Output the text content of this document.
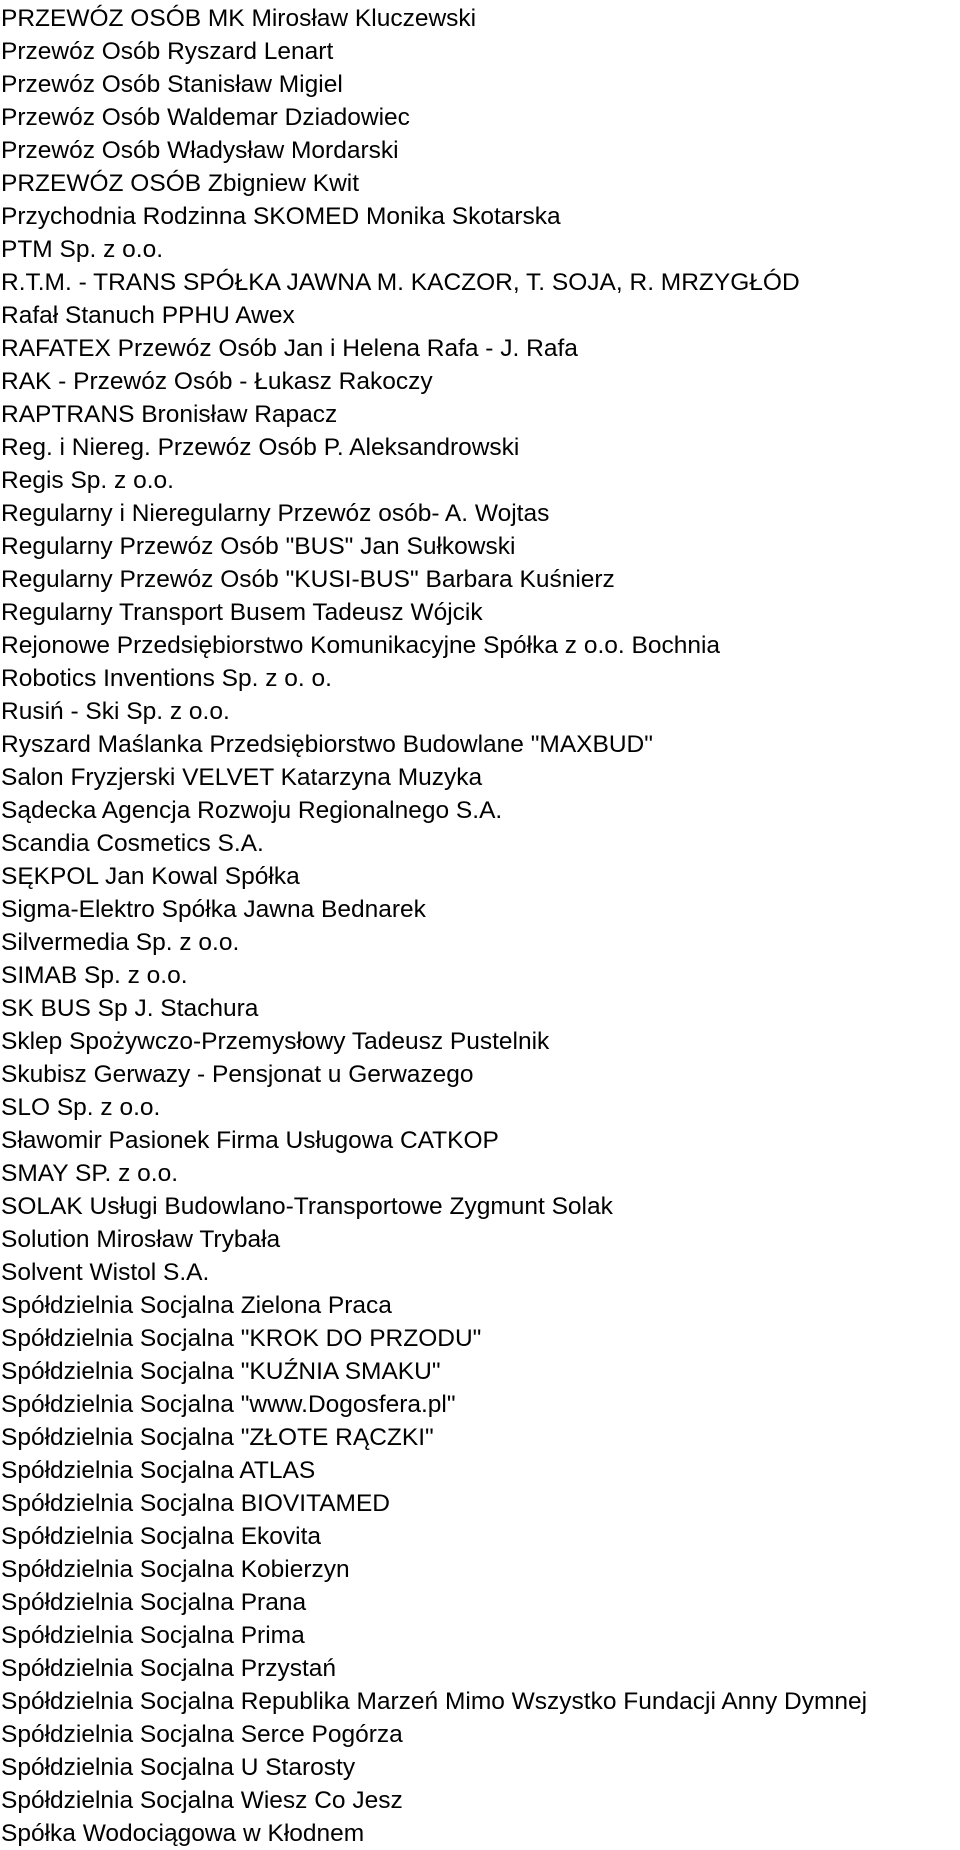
PRZEWÓZ OSÓB MK Mirosław Kluczewski
Przewóz Osób Ryszard Lenart
Przewóz Osób Stanisław Migiel
Przewóz Osób Waldemar Dziadowiec
Przewóz Osób Władysław Mordarski
PRZEWÓZ OSÓB Zbigniew Kwit
Przychodnia Rodzinna SKOMED Monika Skotarska
PTM Sp. z o.o.
R.T.M. - TRANS SPÓŁKA JAWNA M. KACZOR, T. SOJA, R. MRZYGŁÓD
Rafał Stanuch PPHU Awex
RAFATEX Przewóz Osób Jan i Helena Rafa - J. Rafa
RAK - Przewóz Osób - Łukasz Rakoczy
RAPTRANS Bronisław Rapacz
Reg. i Niereg. Przewóz Osób P. Aleksandrowski
Regis Sp. z o.o.
Regularny i Nieregularny Przewóz osób- A. Wojtas
Regularny Przewóz Osób "BUS" Jan Sułkowski
Regularny Przewóz Osób "KUSI-BUS" Barbara Kuśnierz
Regularny Transport Busem Tadeusz Wójcik
Rejonowe Przedsiębiorstwo Komunikacyjne Spółka z o.o. Bochnia
Robotics Inventions Sp. z o. o.
Rusiń - Ski Sp. z o.o.
Ryszard Maślanka Przedsiębiorstwo Budowlane "MAXBUD"
Salon Fryzjerski VELVET Katarzyna Muzyka
Sądecka Agencja Rozwoju Regionalnego S.A.
Scandia Cosmetics S.A.
SĘKPOL Jan Kowal Spółka
Sigma-Elektro Spółka Jawna Bednarek
Silvermedia Sp. z o.o.
SIMAB Sp. z o.o.
SK BUS Sp J. Stachura
Sklep Spożywczo-Przemysłowy Tadeusz Pustelnik
Skubisz Gerwazy - Pensjonat u Gerwazego
SLO Sp. z o.o.
Sławomir Pasionek Firma Usługowa CATKOP
SMAY SP. z o.o.
SOLAK Usługi Budowlano-Transportowe Zygmunt Solak
Solution Mirosław Trybała
Solvent Wistol S.A.
Spółdzielnia Socjalna Zielona Praca
Spółdzielnia Socjalna "KROK DO PRZODU"
Spółdzielnia Socjalna "KUŹNIA SMAKU"
Spółdzielnia Socjalna "www.Dogosfera.pl"
Spółdzielnia Socjalna "ZŁOTE RĄCZKI"
Spółdzielnia Socjalna ATLAS
Spółdzielnia Socjalna BIOVITAMED
Spółdzielnia Socjalna Ekovita
Spółdzielnia Socjalna Kobierzyn
Spółdzielnia Socjalna Prana
Spółdzielnia Socjalna Prima
Spółdzielnia Socjalna Przystań
Spółdzielnia Socjalna Republika Marzeń Mimo Wszystko Fundacji Anny Dymnej
Spółdzielnia Socjalna Serce Pogórza
Spółdzielnia Socjalna U Starosty
Spółdzielnia Socjalna Wiesz Co Jesz
Spółka Wodociągowa w Kłodnem
